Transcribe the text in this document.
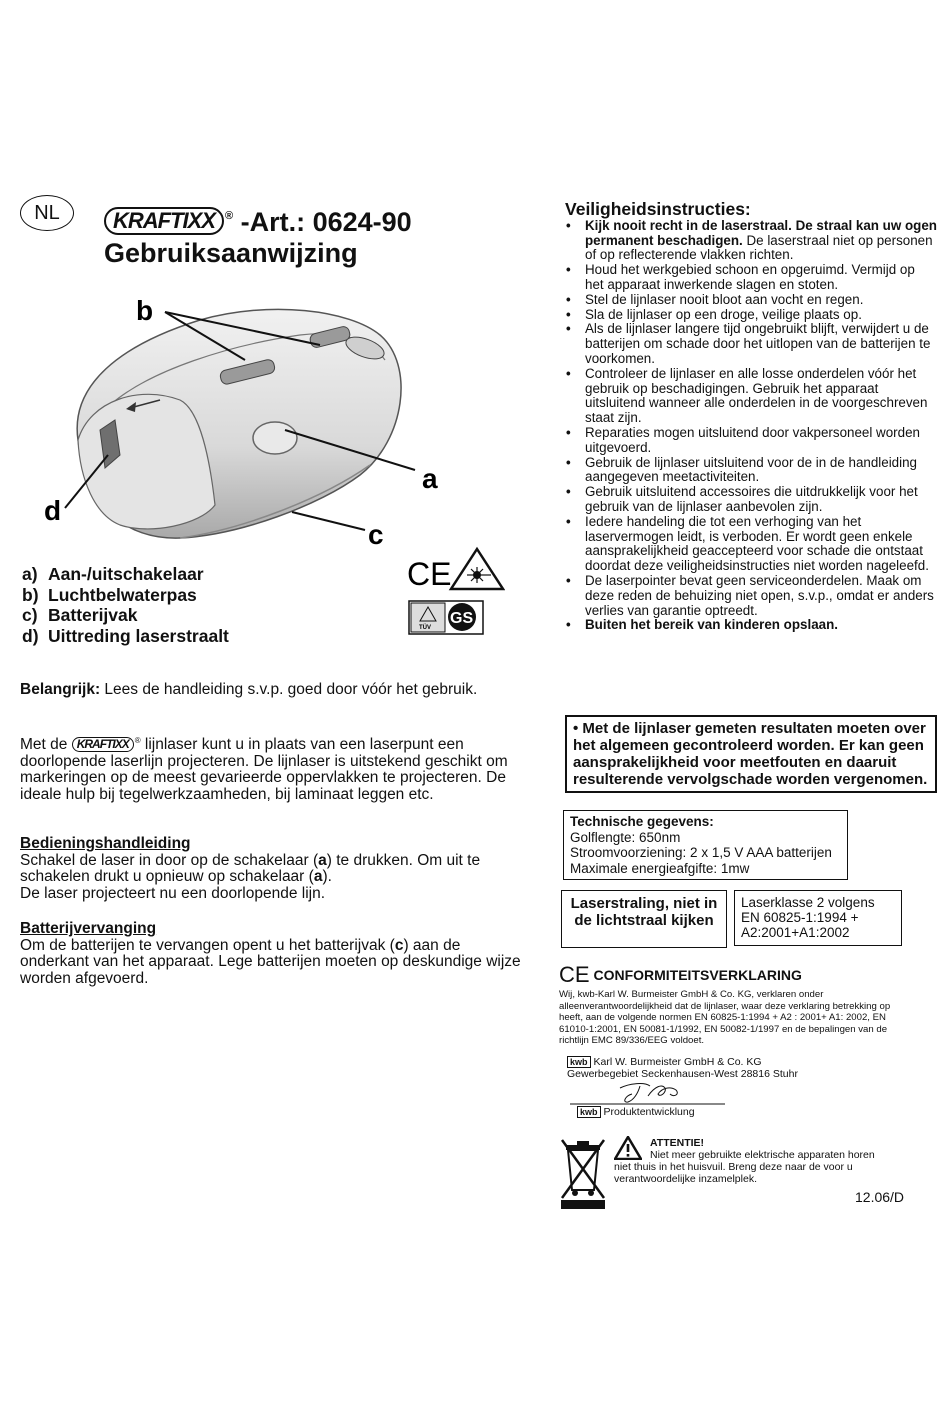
NL	KRAFTIXX ® -Art.: 0624-90
Gebruiksaanwijzing
b
a
d
c
CE
TÜV
GS
a) Aan-/uitschakelaar
b) Luchtbelwaterpas
c) Batterijvak
d) Uittreding laserstraalt
Belangrijk: Lees de handleiding s.v.p. goed door vóór het gebruik.
Met de KRAFTIXX ® lijnlaser kunt u in plaats van een laserpunt een doorlopende laserlijn projecteren. De lijnlaser is uitstekend geschikt om markeringen op de meest gevarieerde oppervlakken te projecteren. De ideale hulp bij tegelwerkzaamheden, bij laminaat leggen etc.
Bedieningshandleiding
Schakel de laser in door op de schakelaar (a) te drukken. Om uit te schakelen drukt u opnieuw op schakelaar (a).
De laser projecteert nu een doorlopende lijn.
Batterijvervanging
Om de batterijen te vervangen opent u het batterijvak (c) aan de onderkant van het apparaat. Lege batterijen moeten op deskundige wijze worden afgevoerd.
Veiligheidsinstructies:
• Kijk nooit recht in de laserstraal. De straal kan uw ogen permanent beschadigen. De laserstraal niet op personen of op reflecterende vlakken richten.
• Houd het werkgebied schoon en opgeruimd. Vermijd op het apparaat inwerkende slagen en stoten.
• Stel de lijnlaser nooit bloot aan vocht en regen.
• Sla de lijnlaser op een droge, veilige plaats op.
• Als de lijnlaser langere tijd ongebruikt blijft, verwijdert u de batterijen om schade door het uitlopen van de batterijen te voorkomen.
• Controleer de lijnlaser en alle losse onderdelen vóór het gebruik op beschadigingen. Gebruik het apparaat uitsluitend wanneer alle onderdelen in de voorgeschreven staat zijn.
• Reparaties mogen uitsluitend door vakpersoneel worden uitgevoerd.
• Gebruik de lijnlaser uitsluitend voor de in de handleiding aangegeven meetactiviteiten.
• Gebruik uitsluitend accessoires die uitdrukkelijk voor het gebruik van de lijnlaser aanbevolen zijn.
• Iedere handeling die tot een verhoging van het laservermogen leidt, is verboden. Er wordt geen enkele aansprakelijkheid geaccepteerd voor schade die ontstaat doordat deze veiligheidsinstructies niet worden nageleefd.
• De laserpointer bevat geen serviceonderdelen. Maak om deze reden de behuizing niet open, s.v.p., omdat er anders verlies van garantie optreedt.
• Buiten het bereik van kinderen opslaan.
• Met de lijnlaser gemeten resultaten moeten over het algemeen gecontroleerd worden. Er kan geen aansprakelijkheid voor meetfouten en daaruit resulterende vervolgschade worden vergenomen.
Technische gegevens:
Golflengte: 650nm
Stroomvoorziening: 2 x 1,5 V AAA batterijen
Maximale energieafgifte: 1mw
Laserstraling, niet in de lichtstraal kijken
Laserklasse 2 volgens
EN 60825-1:1994 +
A2:2001+A1:2002
CE CONFORMITEITSVERKLARING
Wij, kwb-Karl W. Burmeister GmbH & Co. KG, verklaren onder alleenverantwoordelijkheid dat de lijnlaser, waar deze verklaring betrekking op heeft, aan de volgende normen EN 60825-1:1994 + A2 : 2001+ A1: 2002, EN 61010-1:2001, EN 50081-1/1992, EN 50082-1/1997 en de bepalingen van de richtlijn EMC 89/336/EEG voldoet.
kwb Karl W. Burmeister GmbH & Co. KG
Gewerbegebiet Seckenhausen-West 28816 Stuhr
kwb Produktentwicklung
ATTENTIE!
Niet meer gebruikte elektrische apparaten horen niet thuis in het huisvuil. Breng deze naar de voor u verantwoordelijke inzamelplek.
12.06/D
